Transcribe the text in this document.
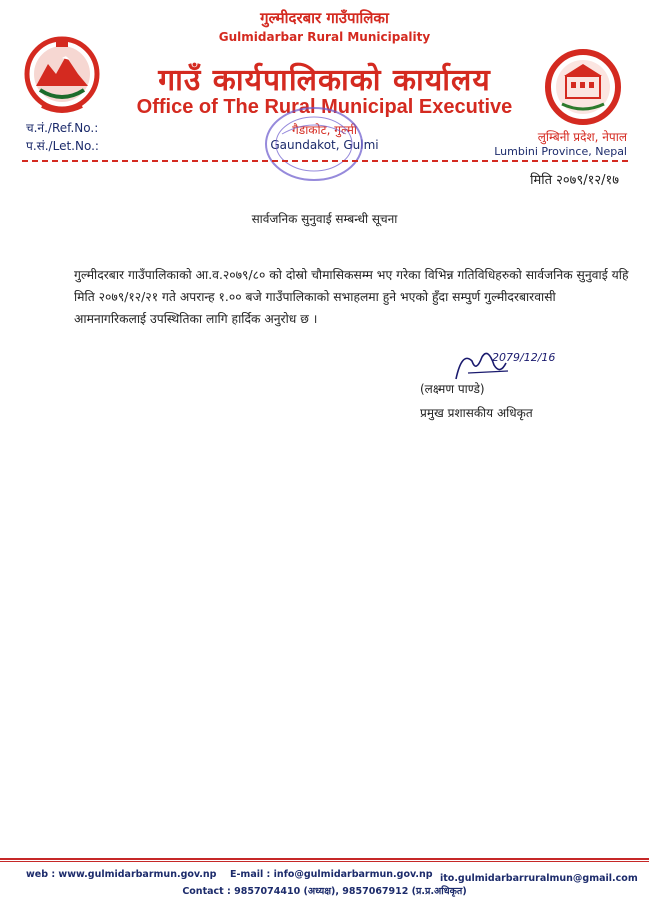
गुल्मीदरबार गाउँपालिका
Gulmidarbar Rural Municipality
गाउँ कार्यपालिकाको कार्यालय
Office of The Rural Municipal Executive
च.नं./Ref.No.:
प.सं./Let.No.:
गैडाकोट, गुल्मी
Gaundakot, Gulmi
लुम्बिनी प्रदेश, नेपाल
Lumbini Province, Nepal
मिति २०७९/१२/१७
सार्वजनिक सुनुवाई सम्बन्धी सूचना
गुल्मीदरबार गाउँपालिकाको आ.व.२०७९/८० को दोस्रो चौमासिकसम्म भए गरेका विभिन्न गतिविधिहरुको सार्वजनिक सुनुवाई यहि मिति २०७९/१२/२१ गते अपरान्ह १.०० बजे गाउँपालिकाको सभाहलमा हुने भएको हुँदा सम्पुर्ण गुल्मीदरबारवासी आमनागरिकलाई उपस्थितिका लागि हार्दिक अनुरोध छ ।
2079/12/16
(लक्ष्मण पाण्डे)
प्रमुख प्रशासकीय अधिकृत
web : www.gulmidarbarmun.gov.np E-mail : info@gulmidarbarmun.gov.np ito.gulmidarbarruralmun@gmail.com
Contact : 9857074410 (अध्यक्ष), 9857067912 (प्र.प्र.अधिकृत)
